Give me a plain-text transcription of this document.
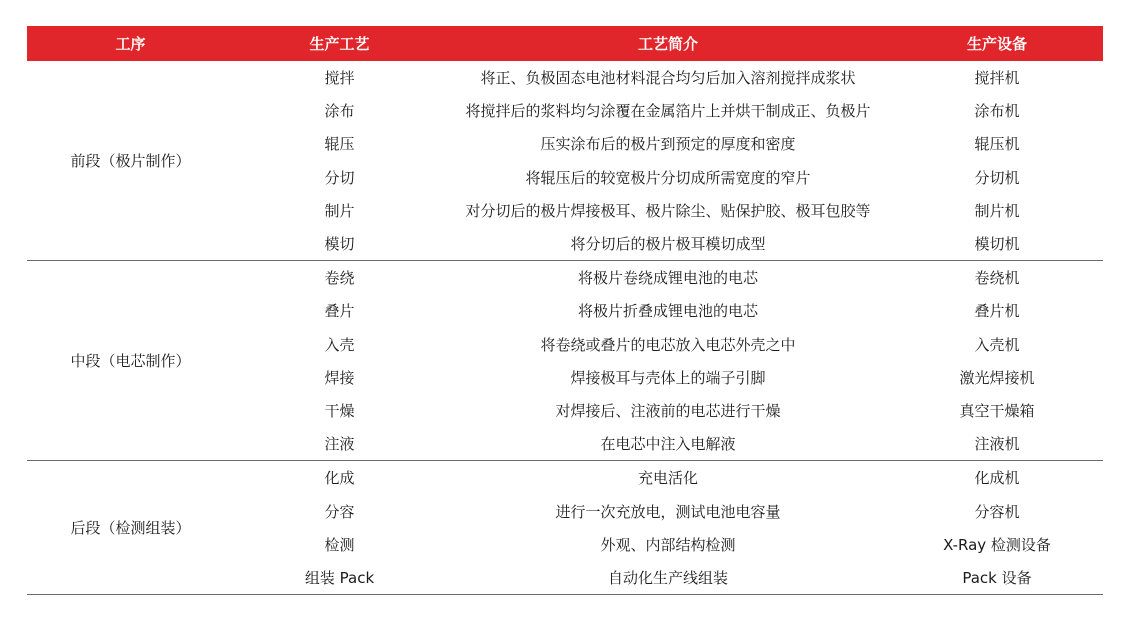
工序	生产工艺	工艺简介	生产设备
前段（极片制作）	搅拌	将正、负极固态电池材料混合均匀后加入溶剂搅拌成浆状	搅拌机
	涂布	将搅拌后的浆料均匀涂覆在金属箔片上并烘干制成正、负极片	涂布机
	辊压	压实涂布后的极片到预定的厚度和密度	辊压机
	分切	将辊压后的较宽极片分切成所需宽度的窄片	分切机
	制片	对分切后的极片焊接极耳、极片除尘、贴保护胶、极耳包胶等	制片机
	模切	将分切后的极片极耳模切成型	模切机
中段（电芯制作）	卷绕	将极片卷绕成锂电池的电芯	卷绕机
	叠片	将极片折叠成锂电池的电芯	叠片机
	入壳	将卷绕或叠片的电芯放入电芯外壳之中	入壳机
	焊接	焊接极耳与壳体上的端子引脚	激光焊接机
	干燥	对焊接后、注液前的电芯进行干燥	真空干燥箱
	注液	在电芯中注入电解液	注液机
后段（检测组装）	化成	充电活化	化成机
	分容	进行一次充放电，测试电池电容量	分容机
	检测	外观、内部结构检测	X-Ray 检测设备
	组装 Pack	自动化生产线组装	Pack 设备
